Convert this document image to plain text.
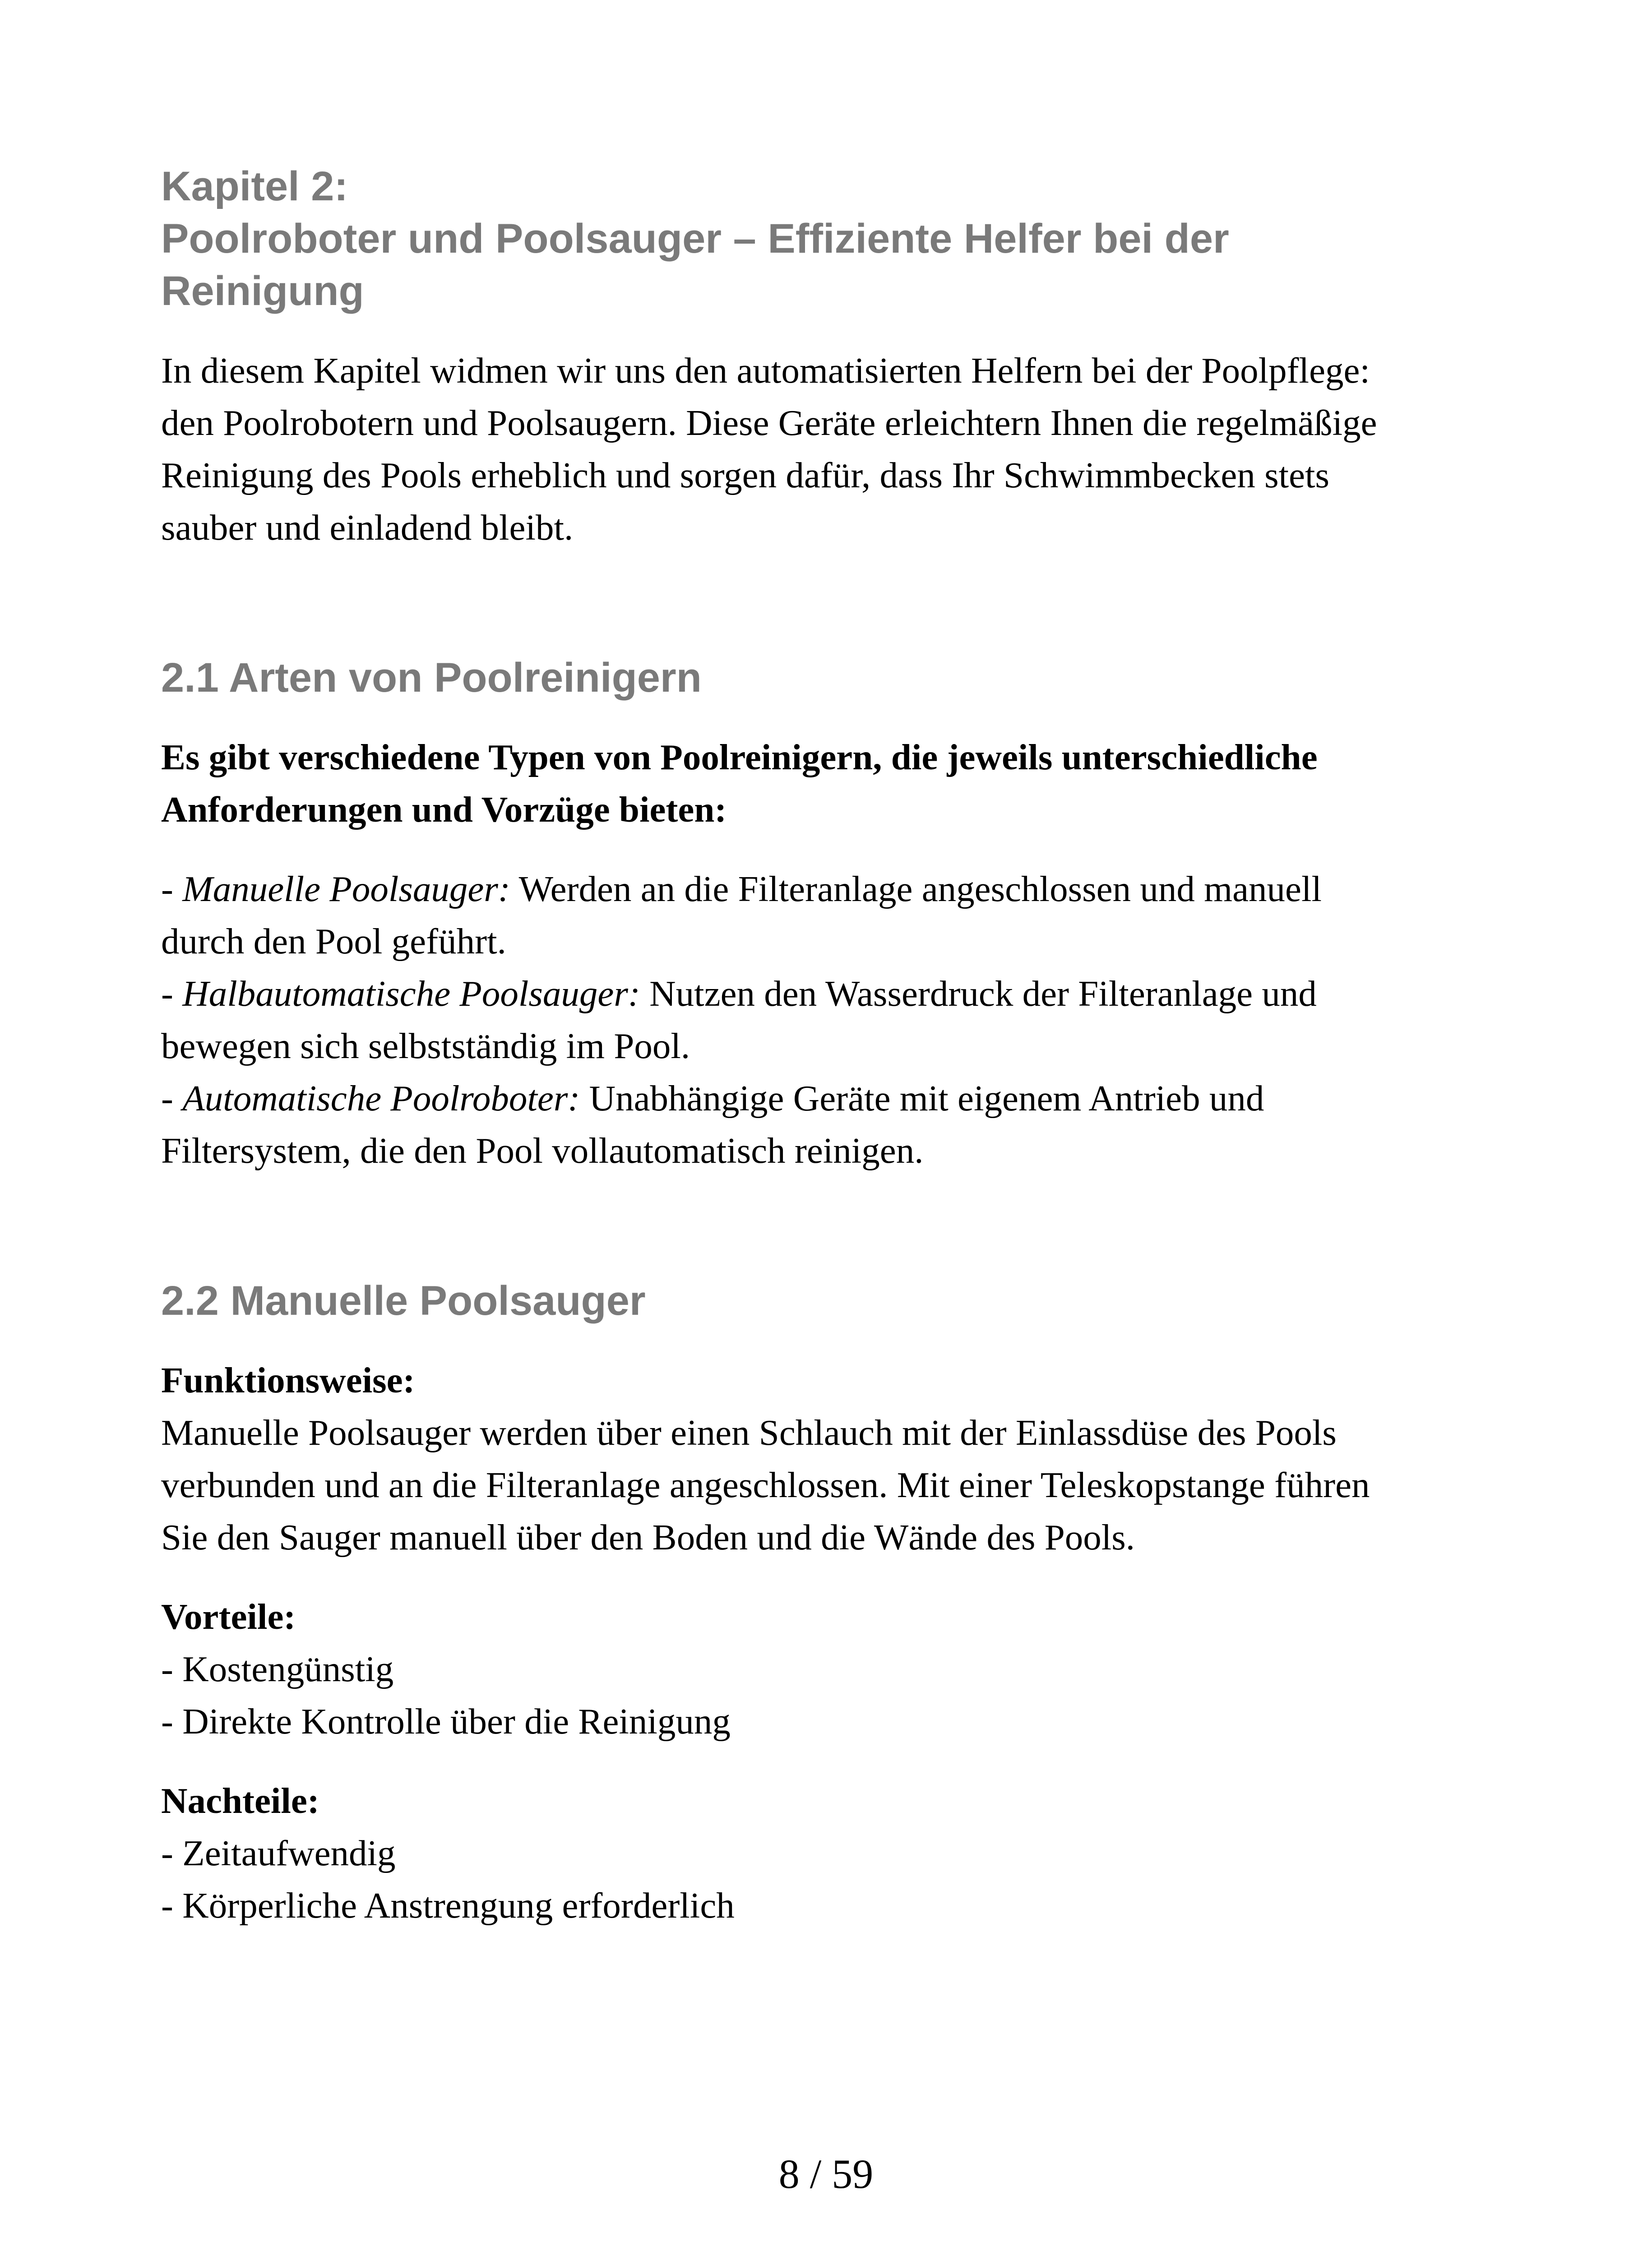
Kapitel 2:
Poolroboter und Poolsauger – Effiziente Helfer bei der
Reinigung

In diesem Kapitel widmen wir uns den automatisierten Helfern bei der Poolpflege:
den Poolrobotern und Poolsaugern. Diese Geräte erleichtern Ihnen die regelmäßige
Reinigung des Pools erheblich und sorgen dafür, dass Ihr Schwimmbecken stets
sauber und einladend bleibt.

2.1 Arten von Poolreinigern

Es gibt verschiedene Typen von Poolreinigern, die jeweils unterschiedliche
Anforderungen und Vorzüge bieten:

- Manuelle Poolsauger: Werden an die Filteranlage angeschlossen und manuell
durch den Pool geführt.
- Halbautomatische Poolsauger: Nutzen den Wasserdruck der Filteranlage und
bewegen sich selbstständig im Pool.
- Automatische Poolroboter: Unabhängige Geräte mit eigenem Antrieb und
Filtersystem, die den Pool vollautomatisch reinigen.
2.2 Manuelle Poolsauger
Funktionsweise:
Manuelle Poolsauger werden über einen Schlauch mit der Einlassdüse des Pools
verbunden und an die Filteranlage angeschlossen. Mit einer Teleskopstange führen
Sie den Sauger manuell über den Boden und die Wände des Pools.
Vorteile:
- Kostengünstig
- Direkte Kontrolle über die Reinigung
Nachteile:
- Zeitaufwendig
- Körperliche Anstrengung erforderlich
8 / 59
